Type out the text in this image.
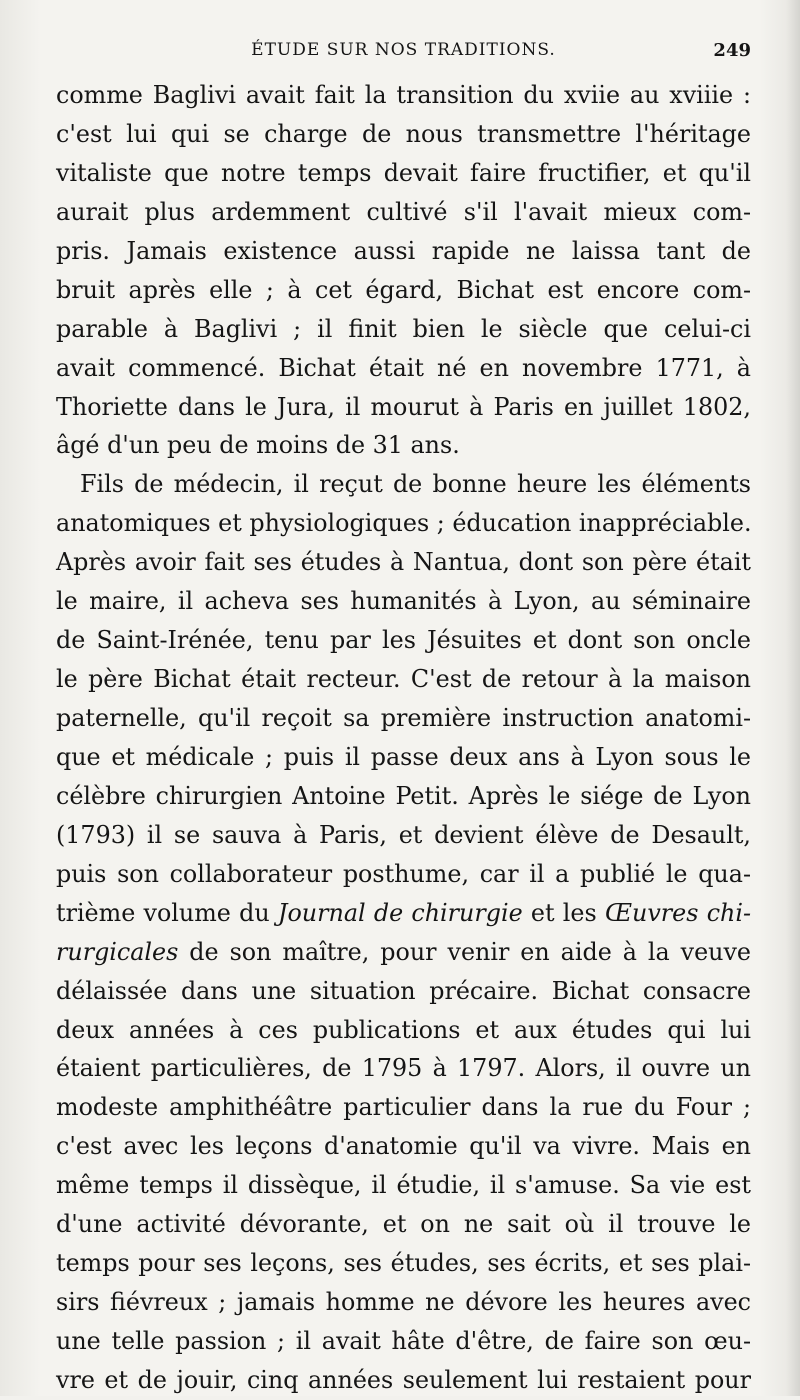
ÉTUDE SUR NOS TRADITIONS.	249
comme Baglivi avait fait la transition du xviie au xviiie :
c'est lui qui se charge de nous transmettre l'héritage
vitaliste que notre temps devait faire fructifier, et qu'il
aurait plus ardemment cultivé s'il l'avait mieux com-
pris. Jamais existence aussi rapide ne laissa tant de
bruit après elle ; à cet égard, Bichat est encore com-
parable à Baglivi ; il finit bien le siècle que celui-ci
avait commencé. Bichat était né en novembre 1771, à
Thoriette dans le Jura, il mourut à Paris en juillet 1802,
âgé d'un peu de moins de 31 ans.
Fils de médecin, il reçut de bonne heure les éléments
anatomiques et physiologiques ; éducation inappréciable.
Après avoir fait ses études à Nantua, dont son père était
le maire, il acheva ses humanités à Lyon, au séminaire
de Saint-Irénée, tenu par les Jésuites et dont son oncle
le père Bichat était recteur. C'est de retour à la maison
paternelle, qu'il reçoit sa première instruction anatomi-
que et médicale ; puis il passe deux ans à Lyon sous le
célèbre chirurgien Antoine Petit. Après le siége de Lyon
(1793) il se sauva à Paris, et devient élève de Desault,
puis son collaborateur posthume, car il a publié le qua-
trième volume du Journal de chirurgie et les Œuvres chi-
rurgicales de son maître, pour venir en aide à la veuve
délaissée dans une situation précaire. Bichat consacre
deux années à ces publications et aux études qui lui
étaient particulières, de 1795 à 1797. Alors, il ouvre un
modeste amphithéâtre particulier dans la rue du Four ;
c'est avec les leçons d'anatomie qu'il va vivre. Mais en
même temps il dissèque, il étudie, il s'amuse. Sa vie est
d'une activité dévorante, et on ne sait où il trouve le
temps pour ses leçons, ses études, ses écrits, et ses plai-
sirs fiévreux ; jamais homme ne dévore les heures avec
une telle passion ; il avait hâte d'être, de faire son œu-
vre et de jouir, cinq années seulement lui restaient pour
